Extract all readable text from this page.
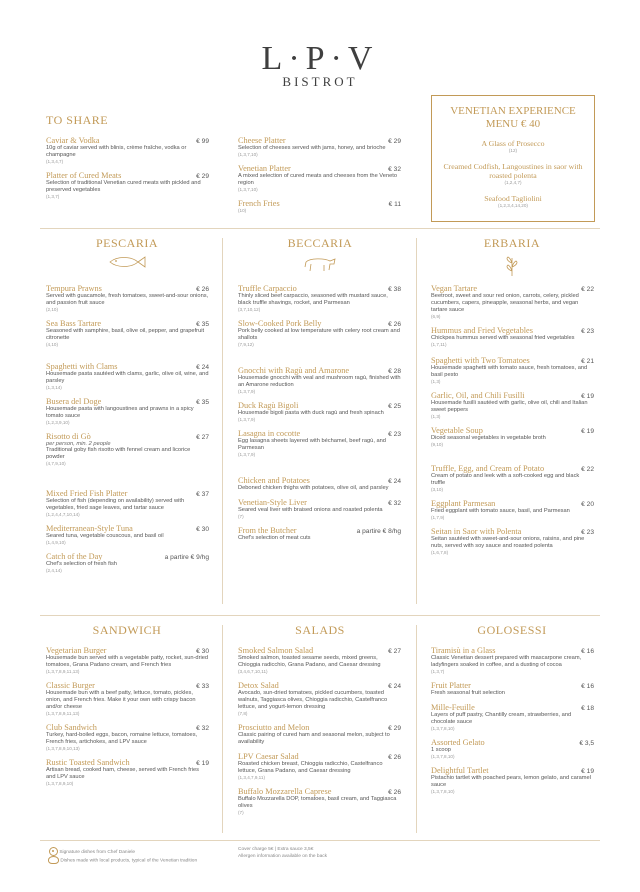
L·P·V
BISTROT
TO SHARE
Caviar & Vodka	€ 99
10g of caviar served with blinis, crème fraîche, vodka or champagne
(1,3,4,7)
Platter of Cured Meats	€ 29
Selection of traditional Venetian cured meats with pickled and preserved vegetables
(1,3,7)
Cheese Platter	€ 29
Selection of cheeses served with jams, honey, and brioche
(1,3,7,10)
Venetian Platter	€ 32
A mixed selection of cured meats and cheeses from the Veneto region
(1,3,7,10)
French Fries	€ 11
(10)
VENETIAN EXPERIENCE
MENU € 40
A Glass of Prosecco
(12)
Creamed Codfish, Langoustines in saor with roasted polenta
(1,2,4,7)
Seafood Tagliolini
(1,2,3,4,14,20)
PESCARIA	BECCARIA	ERBARIA
SANDWICH	SALADS	GOLOSESSI
Tempura Prawns	€ 26
Served with guacamole, fresh tomatoes, sweet-and-sour onions, and passion fruit sauce
(2,10)
Sea Bass Tartare	€ 35
Seasoned with samphire, basil, olive oil, pepper, and grapefruit citronette
(4,10)
Spaghetti with Clams	€ 24
Housemade pasta sautéed with clams, garlic, olive oil, wine, and parsley
(1,3,14)
Busera del Doge	€ 35
Housemade pasta with langoustines and prawns in a spicy tomato sauce
(1,2,3,9,10)
Risotto di Gò	€ 27
per person, min. 2 people
Traditional goby fish risotto with fennel cream and licorice powder
(4,7,9,10)
Mixed Fried Fish Platter	€ 37
Selection of fish (depending on availability) served with vegetables, fried sage leaves, and tartar sauce
(1,2,4,4,7,10,14)
Mediterranean-Style Tuna	€ 30
Seared tuna, vegetable couscous, and basil oil
(1,4,9,10)
Catch of the Day	a partire € 9/hg
Chef's selection of fresh fish
(2,4,14)
Truffle Carpaccio	€ 38
Thinly sliced beef carpaccio, seasoned with mustard sauce, black truffle shavings, rocket, and Parmesan
(3,7,10,12)
Slow-Cooked Pork Belly	€ 26
Pork belly cooked at low temperature with celery root cream and shallots
(7,9,12)
Gnocchi with Ragù and Amarone	€ 28
Housemade gnocchi with veal and mushroom ragù, finished with an Amarone reduction
(1,3,7,9)
Duck Ragù Bigoli	€ 25
Housemade bigoli pasta with duck ragù and fresh spinach
(1,3,7,9)
Lasagna in cocotte	€ 23
Egg lasagna sheets layered with béchamel, beef ragù, and Parmesan
(1,3,7,9)
Chicken and Potatoes	€ 24
Deboned chicken thighs with potatoes, olive oil, and parsley
Venetian-Style Liver	€ 32
Seared veal liver with braised onions and roasted polenta
(7)
From the Butcher	a partire € 8/hg
Chef's selection of meat cuts
Vegan Tartare	€ 22
Beetroot, sweet and sour red onion, carrots, celery, pickled cucumbers, capers, pineapple, seasonal herbs, and vegan tartare sauce
(6,9)
Hummus and Fried Vegetables	€ 23
Chickpea hummus served with seasonal fried vegetables
(1,7,11)
Spaghetti with Two Tomatoes	€ 21
Housemade spaghetti with tomato sauce, fresh tomatoes, and basil pesto
(1,3)
Garlic, Oil, and Chili Fusilli	€ 19
Housemade fusilli sautéed with garlic, olive oil, chili and Italian sweet peppers
(1,3)
Vegetable Soup	€ 19
Diced seasonal vegetables in vegetable broth
(9,10)
Truffle, Egg, and Cream of Potato	€ 22
Cream of potato and leek with a soft-cooked egg and black truffle
(3,10)
Eggplant Parmesan	€ 20
Fried eggplant with tomato sauce, basil, and Parmesan
(1,7,9)
Seitan in Saor with Polenta	€ 23
Seitan sautéed with sweet-and-sour onions, raisins, and pine nuts, served with soy sauce and roasted polenta
(1,6,7,8)
Vegetarian Burger	€ 30
Housemade bun served with a vegetable patty, rocket, sun-dried tomatoes, Grana Padano cream, and French fries
(1,3,7,8,9,11,13)
Classic Burger	€ 33
Housemade bun with a beef patty, lettuce, tomato, pickles, onion, and French fries. Make it your own with crispy bacon and/or cheese
(1,3,7,8,9,11,13)
Club Sandwich	€ 32
Turkey, hard-boiled eggs, bacon, romaine lettuce, tomatoes, French fries, artichokes, and LPV sauce
(1,3,7,8,9,10,13)
Rustic Toasted Sandwich	€ 19
Artisan bread, cooked ham, cheese, served with French fries and LPV sauce
(1,3,7,8,9,10)
Smoked Salmon Salad	€ 27
Smoked salmon, toasted sesame seeds, mixed greens, Chioggia radicchio, Grana Padano, and Caesar dressing
(3,4,6,7,10,11)
Detox Salad	€ 24
Avocado, sun-dried tomatoes, pickled cucumbers, toasted walnuts, Taggiasca olives, Chioggia radicchio, Castelfranco lettuce, and yogurt-lemon dressing
(7,8)
Prosciutto and Melon	€ 29
Classic pairing of cured ham and seasonal melon, subject to availability
LPV Caesar Salad	€ 26
Roasted chicken breast, Chioggia radicchio, Castelfranco lettuce, Grana Padano, and Caesar dressing
(1,3,4,7,9,11)
Buffalo Mozzarella Caprese	€ 26
Buffalo Mozzarella DOP, tomatoes, basil cream, and Taggiasca olives
(7)
Tiramisù in a Glass	€ 16
Classic Venetian dessert prepared with mascarpone cream, ladyfingers soaked in coffee, and a dusting of cocoa
(1,3,7)
Fruit Platter	€ 16
Fresh seasonal fruit selection
Mille-Feuille	€ 18
Layers of puff pastry, Chantilly cream, strawberries, and chocolate sauce
(1,3,7,8,10)
Assorted Gelato	€ 3,5
1 scoop
(1,3,7,8,10)
Delightful Tartlet	€ 19
Pistachio tartlet with poached pears, lemon gelato, and caramel sauce
(1,3,7,8,10)
Signature dishes from Chef Daniele
Dishes made with local products, typical of the Venetian tradition
Cover charge 5€ | Extra sauce 3,5€
Allergen information available on the back
